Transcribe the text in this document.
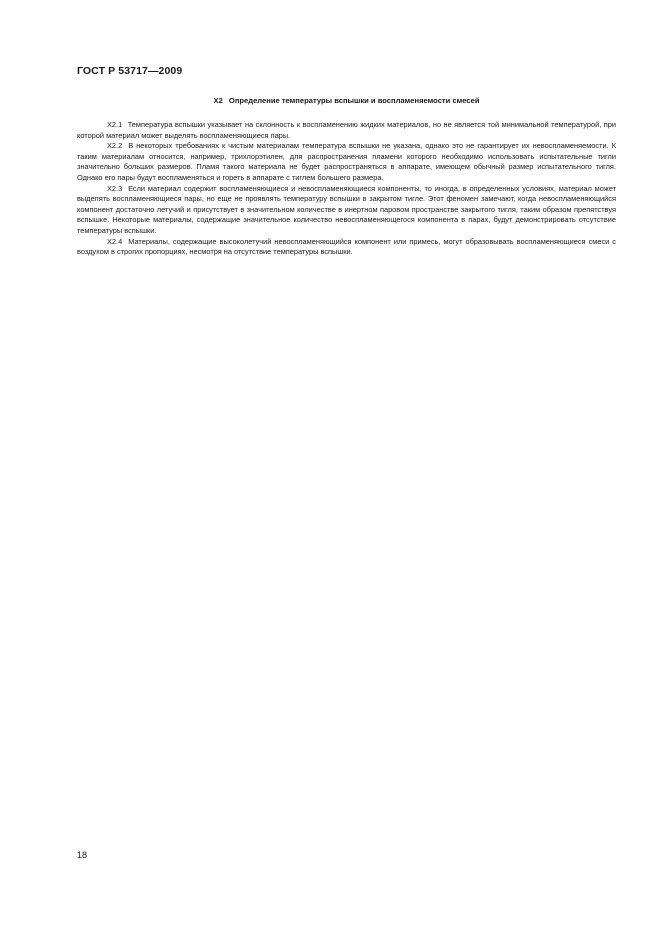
ГОСТ Р 53717—2009
X2 Определение температуры вспышки и воспламеняемости смесей

X2.1 Температура вспышки указывает на склонность к воспламенению жидких материалов, но не является той минимальной температурой, при которой материал может выделять воспламеняющиеся пары.

X2.2 В некоторых требованиях к чистым материалам температура вспышки не указана, однако это не гарантирует их невоспламеняемости. К таким материалам относится, например, трихлорэтилен, для распространения пламени которого необходимо использовать испытательные тигли значительно больших размеров. Пламя такого материала не будет распространяться в аппарате, имеющем обычный размер испытательного тигля. Однако его пары будут воспламеняться и гореть в аппарате с тиглем большего размера.

X2.3 Если материал содержит воспламеняющиеся и невоспламеняющиеся компоненты, то иногда, в определенных условиях, материал может выделять воспламеняющиеся пары, но еще не проявлять температуру вспышки в закрытом тигле. Этот феномен замечают, когда невоспламеняющийся компонент достаточно летучий и присутствует в значительном количестве в инертном паровом пространстве закрытого тигля, таким образом препятствуя вспышке. Некоторые материалы, содержащие значительное количество невоспламеняющегося компонента в парах, будут демонстрировать отсутствие температуры вспышки.

X2.4 Материалы, содержащие высоколетучий невоспламеняющийся компонент или примесь, могут образовывать воспламеняющиеся смеси с воздухом в строгих пропорциях, несмотря на отсутствие температуры вспышки.

18
